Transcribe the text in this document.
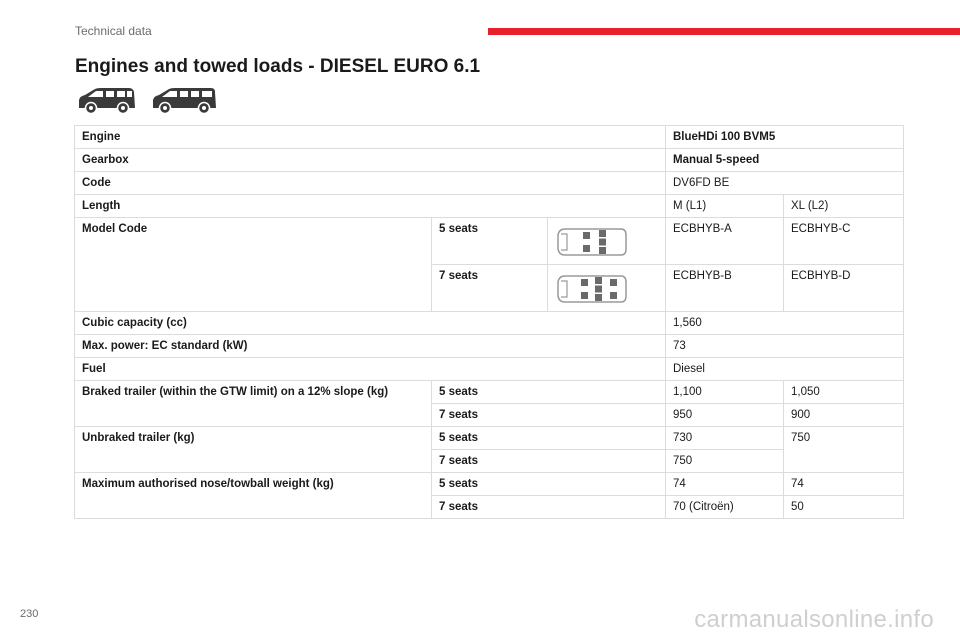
Technical data
Engines and towed loads - DIESEL EURO 6.1
Engine			BlueHDi 100 BVM5	
Gearbox			Manual 5-speed	
Code			DV6FD BE	
Length			M (L1)	XL (L2)
Model Code	5 seats		ECBHYB-A	ECBHYB-C
	7 seats		ECBHYB-B	ECBHYB-D
Cubic capacity (cc)			1,560	
Max. power: EC standard (kW)			73	
Fuel			Diesel	
Braked trailer (within the GTW limit) on a 12% slope (kg)	5 seats		1,100	1,050
	7 seats		950	900
Unbraked trailer (kg)	5 seats		730	750
	7 seats		750	
Maximum authorised nose/towball weight (kg)	5 seats		74	74
	7 seats		70 (Citroën)	50
230	carmanualsonline.info
